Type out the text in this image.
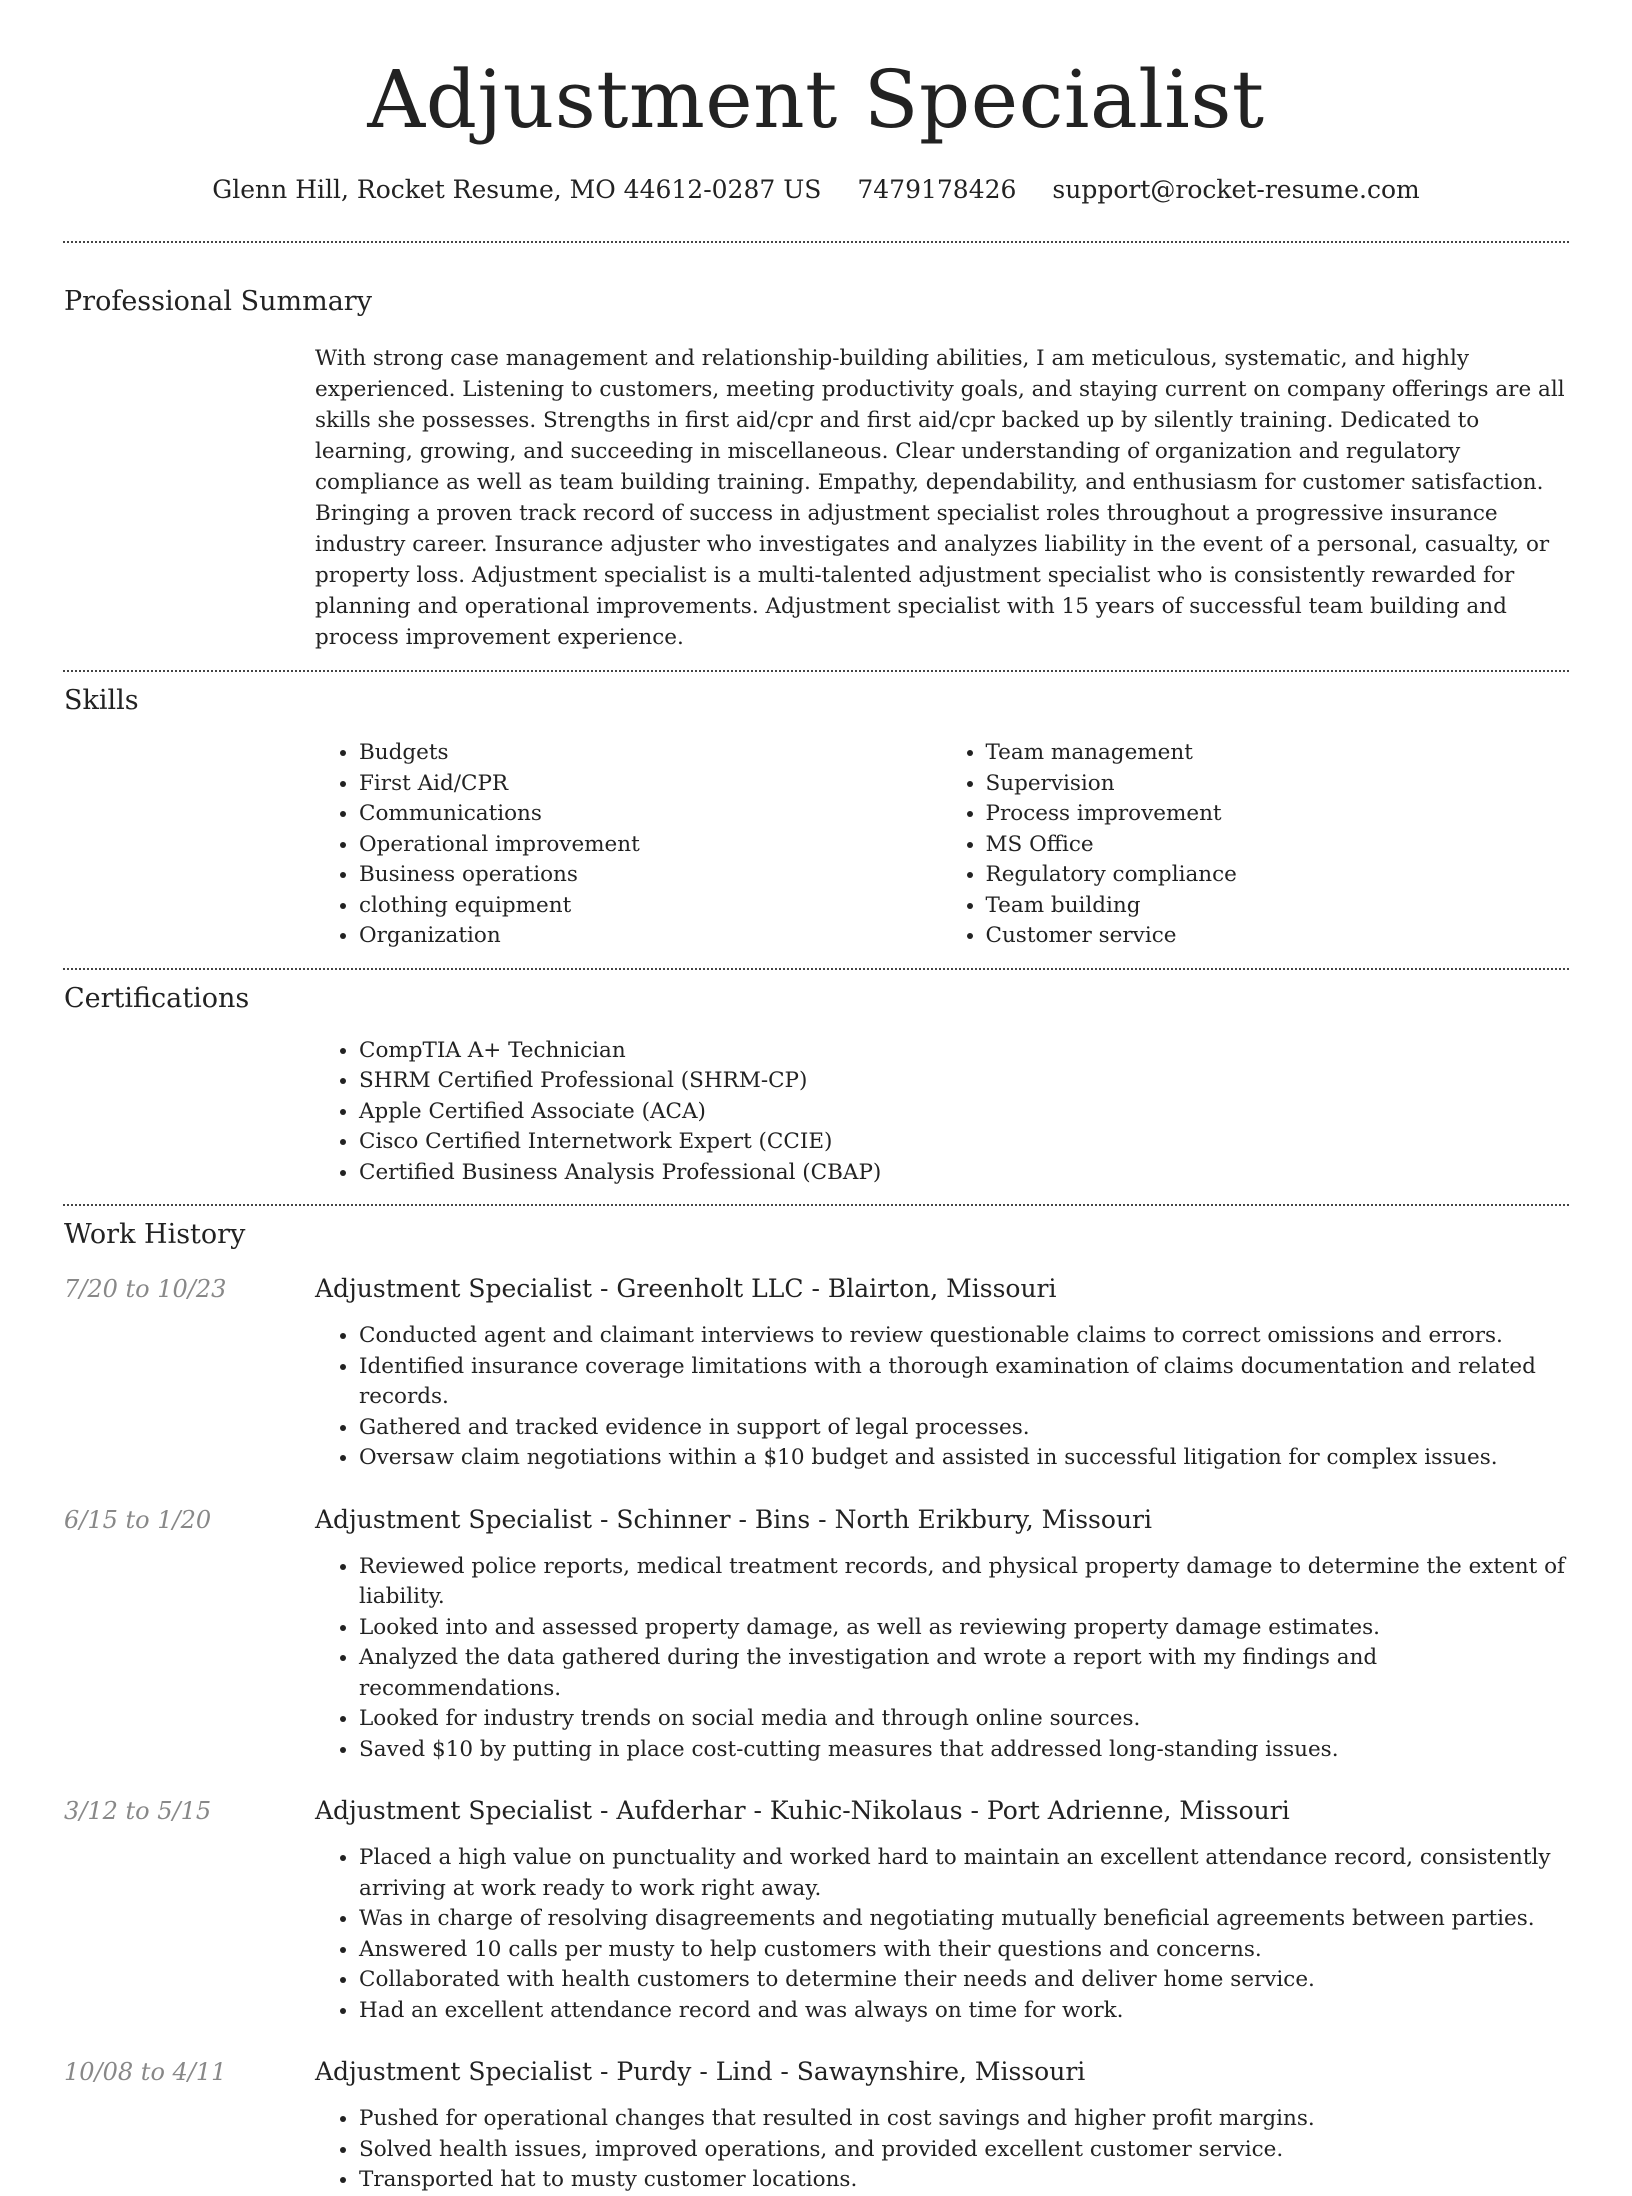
Adjustment Specialist
Glenn Hill, Rocket Resume, MO 44612-0287 US 7479178426 support@rocket-resume.com
Professional Summary

With strong case management and relationship-building abilities, I am meticulous, systematic, and highly experienced. Listening to customers, meeting productivity goals, and staying current on company offerings are all skills she possesses. Strengths in first aid/cpr and first aid/cpr backed up by silently training. Dedicated to learning, growing, and succeeding in miscellaneous. Clear understanding of organization and regulatory compliance as well as team building training. Empathy, dependability, and enthusiasm for customer satisfaction. Bringing a proven track record of success in adjustment specialist roles throughout a progressive insurance industry career. Insurance adjuster who investigates and analyzes liability in the event of a personal, casualty, or property loss. Adjustment specialist is a multi-talented adjustment specialist who is consistently rewarded for planning and operational improvements. Adjustment specialist with 15 years of successful team building and process improvement experience.

Skills
• Budgets
• First Aid/CPR
• Communications
• Operational improvement
• Business operations
• clothing equipment
• Organization
• Team management
• Supervision
• Process improvement
• MS Office
• Regulatory compliance
• Team building
• Customer service
Certifications
• CompTIA A+ Technician
• SHRM Certified Professional (SHRM-CP)
• Apple Certified Associate (ACA)
• Cisco Certified Internetwork Expert (CCIE)
• Certified Business Analysis Professional (CBAP)
Work History
7/20 to 10/23	Adjustment Specialist - Greenholt LLC - Blairton, Missouri
• Conducted agent and claimant interviews to review questionable claims to correct omissions and errors.
• Identified insurance coverage limitations with a thorough examination of claims documentation and related records.
• Gathered and tracked evidence in support of legal processes.
• Oversaw claim negotiations within a $10 budget and assisted in successful litigation for complex issues.
6/15 to 1/20	Adjustment Specialist - Schinner - Bins - North Erikbury, Missouri
• Reviewed police reports, medical treatment records, and physical property damage to determine the extent of liability.
• Looked into and assessed property damage, as well as reviewing property damage estimates.
• Analyzed the data gathered during the investigation and wrote a report with my findings and recommendations.
• Looked for industry trends on social media and through online sources.
• Saved $10 by putting in place cost-cutting measures that addressed long-standing issues.
3/12 to 5/15	Adjustment Specialist - Aufderhar - Kuhic-Nikolaus - Port Adrienne, Missouri
• Placed a high value on punctuality and worked hard to maintain an excellent attendance record, consistently arriving at work ready to work right away.
• Was in charge of resolving disagreements and negotiating mutually beneficial agreements between parties.
• Answered 10 calls per musty to help customers with their questions and concerns.
• Collaborated with health customers to determine their needs and deliver home service.
• Had an excellent attendance record and was always on time for work.
10/08 to 4/11	Adjustment Specialist - Purdy - Lind - Sawaynshire, Missouri
• Pushed for operational changes that resulted in cost savings and higher profit margins.
• Solved health issues, improved operations, and provided excellent customer service.
• Transported hat to musty customer locations.
